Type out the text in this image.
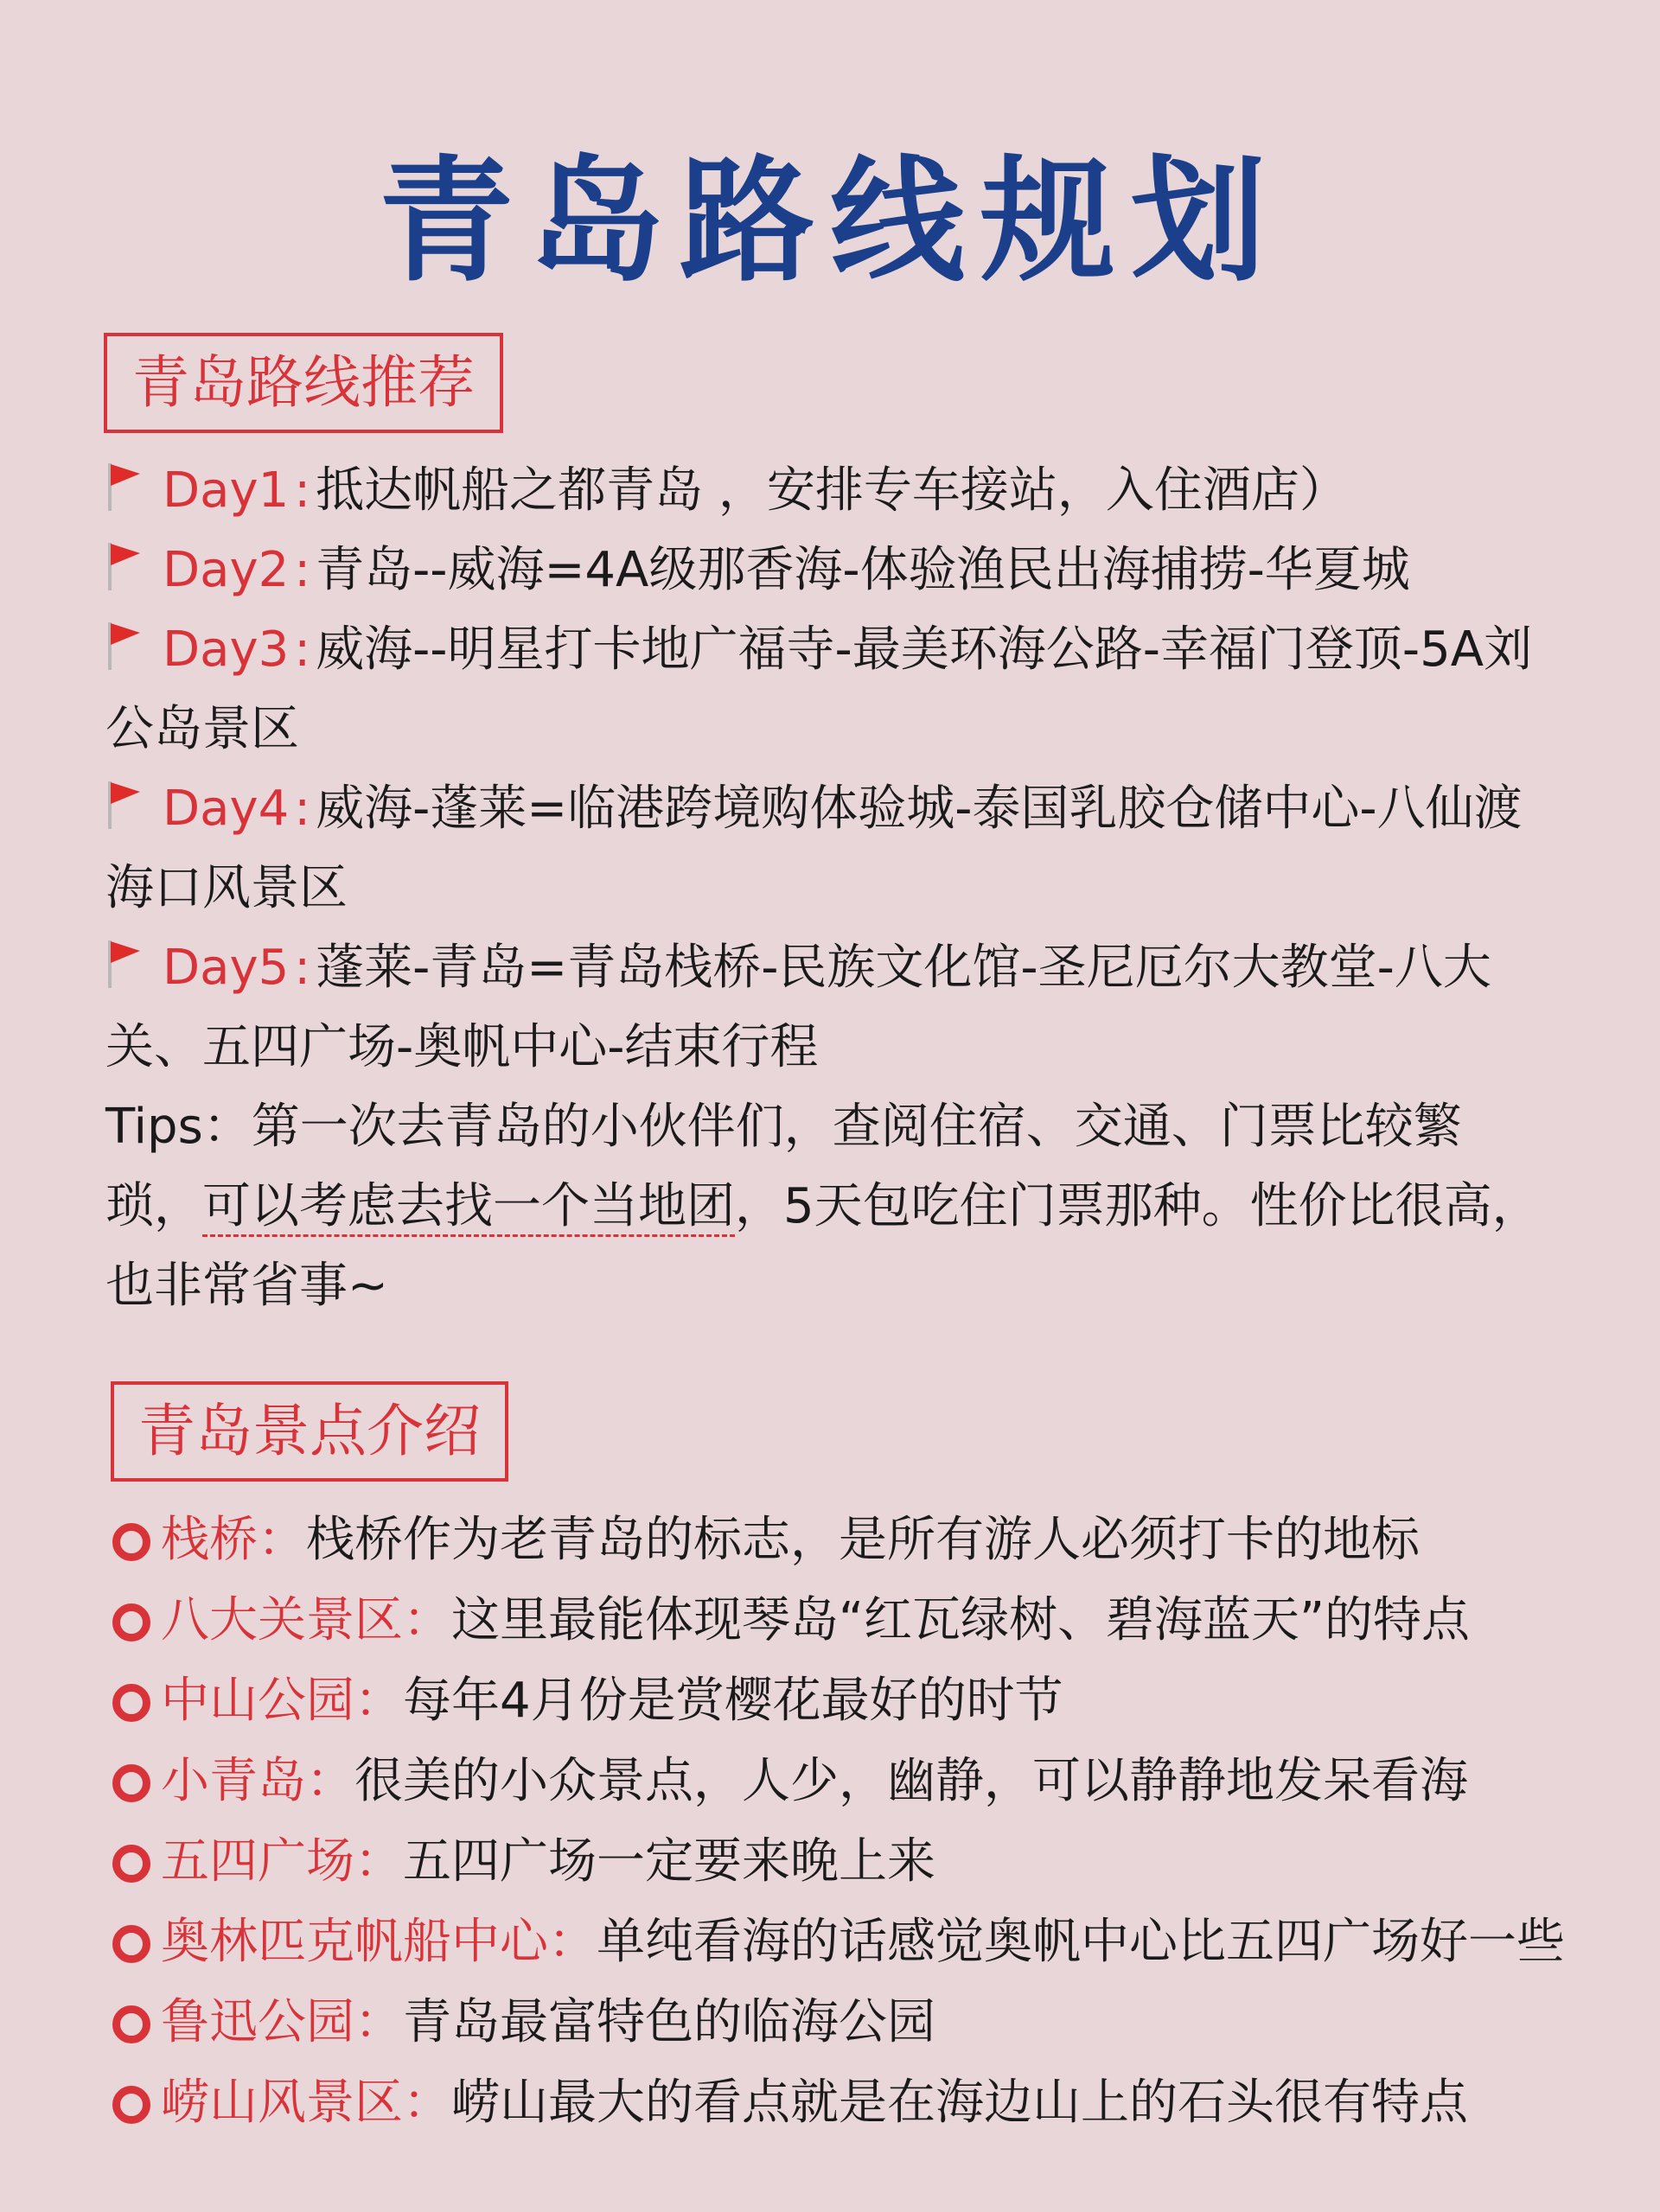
青岛路线规划
青岛路线推荐
Day1 : 抵达帆船之都青岛 ，安排专车接站，入住酒店）
Day2 : 青岛--威海=4A级那香海-体验渔民出海捕捞-华夏城
Day3 : 威海--明星打卡地广福寺-最美环海公路-幸福门登顶-5A刘公岛景区
Day4 : 威海-蓬莱=临港跨境购体验城-泰国乳胶仓储中心-八仙渡海口风景区
Day5 : 蓬莱-青岛=青岛栈桥-民族文化馆-圣尼厄尔大教堂-八大关、五四广场-奥帆中心-结束行程
Tips：第一次去青岛的小伙伴们，查阅住宿、交通、门票比较繁琐，可以考虑去找一个当地团，5天包吃住门票那种。性价比很高，也非常省事~
青岛景点介绍
栈桥：栈桥作为老青岛的标志，是所有游人必须打卡的地标
八大关景区：这里最能体现琴岛“红瓦绿树、碧海蓝天”的特点
中山公园：每年4月份是赏樱花最好的时节
小青岛：很美的小众景点，人少，幽静，可以静静地发呆看海
五四广场：五四广场一定要来晚上来
奥林匹克帆船中心：单纯看海的话感觉奥帆中心比五四广场好一些
鲁迅公园：青岛最富特色的临海公园
崂山风景区：崂山最大的看点就是在海边山上的石头很有特点
